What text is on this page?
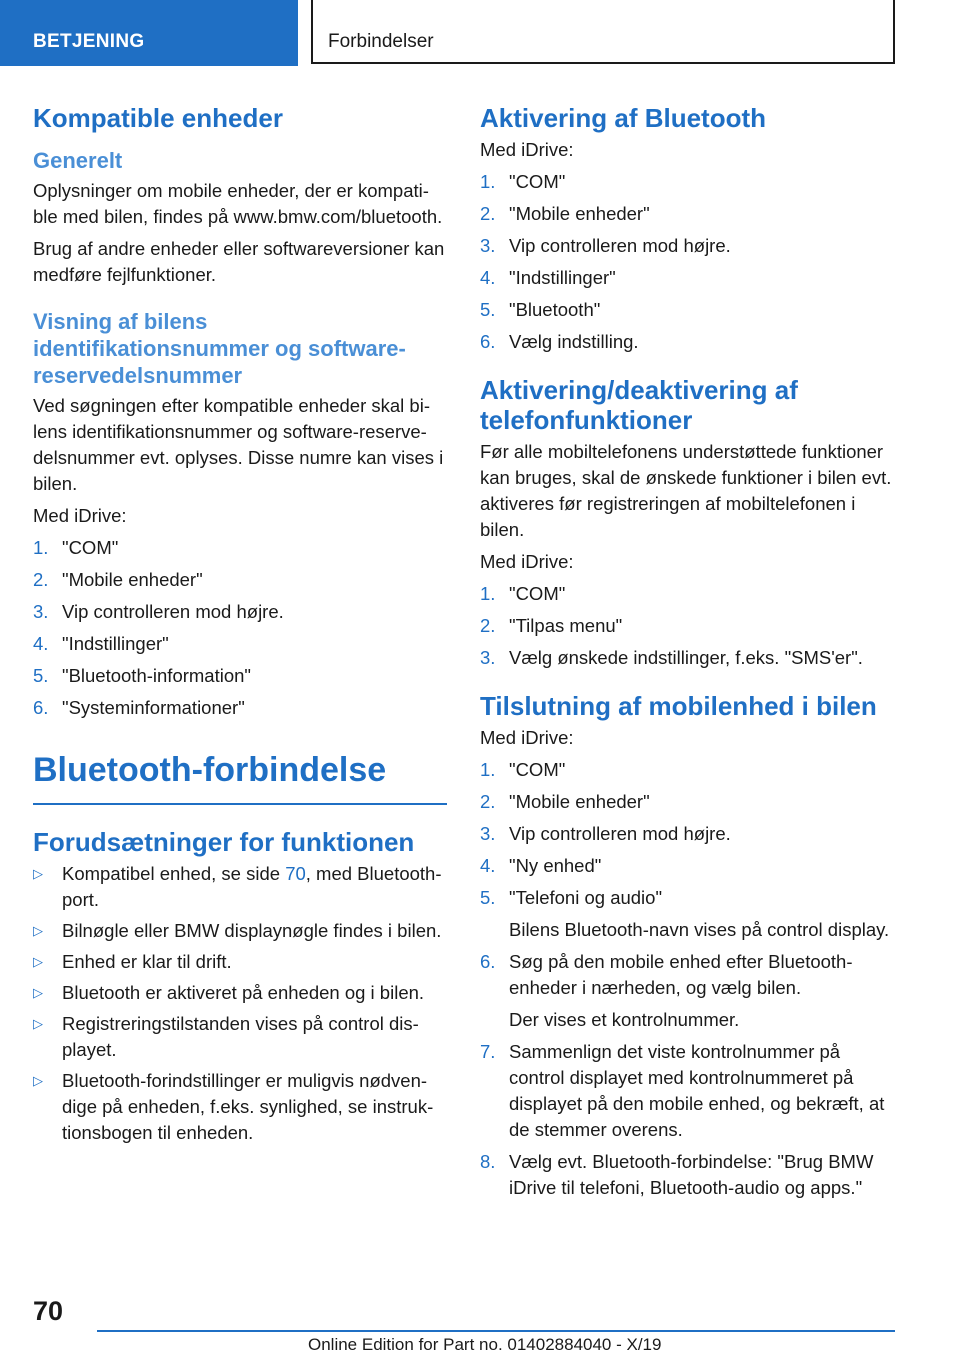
BETJENING	Forbindelser
Kompatible enheder
Generelt

Oplysninger om mobile enheder, der er kompatible med bilen, findes på www.bmw.com/bluetooth.

Brug af andre enheder eller softwareversioner kan medføre fejlfunktioner.

Visning af bilens identifikationsnummer og softwarereservedelsnummer

Ved søgningen efter kompatible enheder skal bilens identifikationsnummer og software-reservedelsnummer evt. oplyses. Disse numre kan vises i bilen.

Med iDrive:

1. "COM"
2. "Mobile enheder"
3. Vip controlleren mod højre.
4. "Indstillinger"
5. "Bluetooth-information"
6. "Systeminformationer"
Bluetooth-forbindelse
Forudsætninger for funktionen
▷ Kompatibel enhed, se side 70, med Bluetooth-port.
▷ Bilnøgle eller BMW displaynøgle findes i bilen.
▷ Enhed er klar til drift.
▷ Bluetooth er aktiveret på enheden og i bilen.
▷ Registreringstilstanden vises på control displayet.
▷ Bluetooth-forindstillinger er muligvis nødvendige på enheden, f.eks. synlighed, se instruktionsbogen til enheden.
Aktivering af Bluetooth

Med iDrive:

1. "COM"
2. "Mobile enheder"
3. Vip controlleren mod højre.
4. "Indstillinger"
5. "Bluetooth"
6. Vælg indstilling.
Aktivering/deaktivering af telefonfunktioner

Før alle mobiltelefonens understøttede funktioner kan bruges, skal de ønskede funktioner i bilen evt. aktiveres før registreringen af mobiltelefonen i bilen.

Med iDrive:

1. "COM"
2. "Tilpas menu"
3. Vælg ønskede indstillinger, f.eks. "SMS'er".
Tilslutning af mobilenhed i bilen

Med iDrive:

1. "COM"
2. "Mobile enheder"
3. Vip controlleren mod højre.
4. "Ny enhed"
5. "Telefoni og audio"
Bilens Bluetooth-navn vises på control display.
6. Søg på den mobile enhed efter Bluetooth-enheder i nærheden, og vælg bilen.
Der vises et kontrolnummer.
7. Sammenlign det viste kontrolnummer på control displayet med kontrolnummeret på displayet på den mobile enhed, og bekræft, at de stemmer overens.
8. Vælg evt. Bluetooth-forbindelse: "Brug BMW iDrive til telefoni, Bluetooth-audio og apps."
70
Online Edition for Part no. 01402884040 - X/19
